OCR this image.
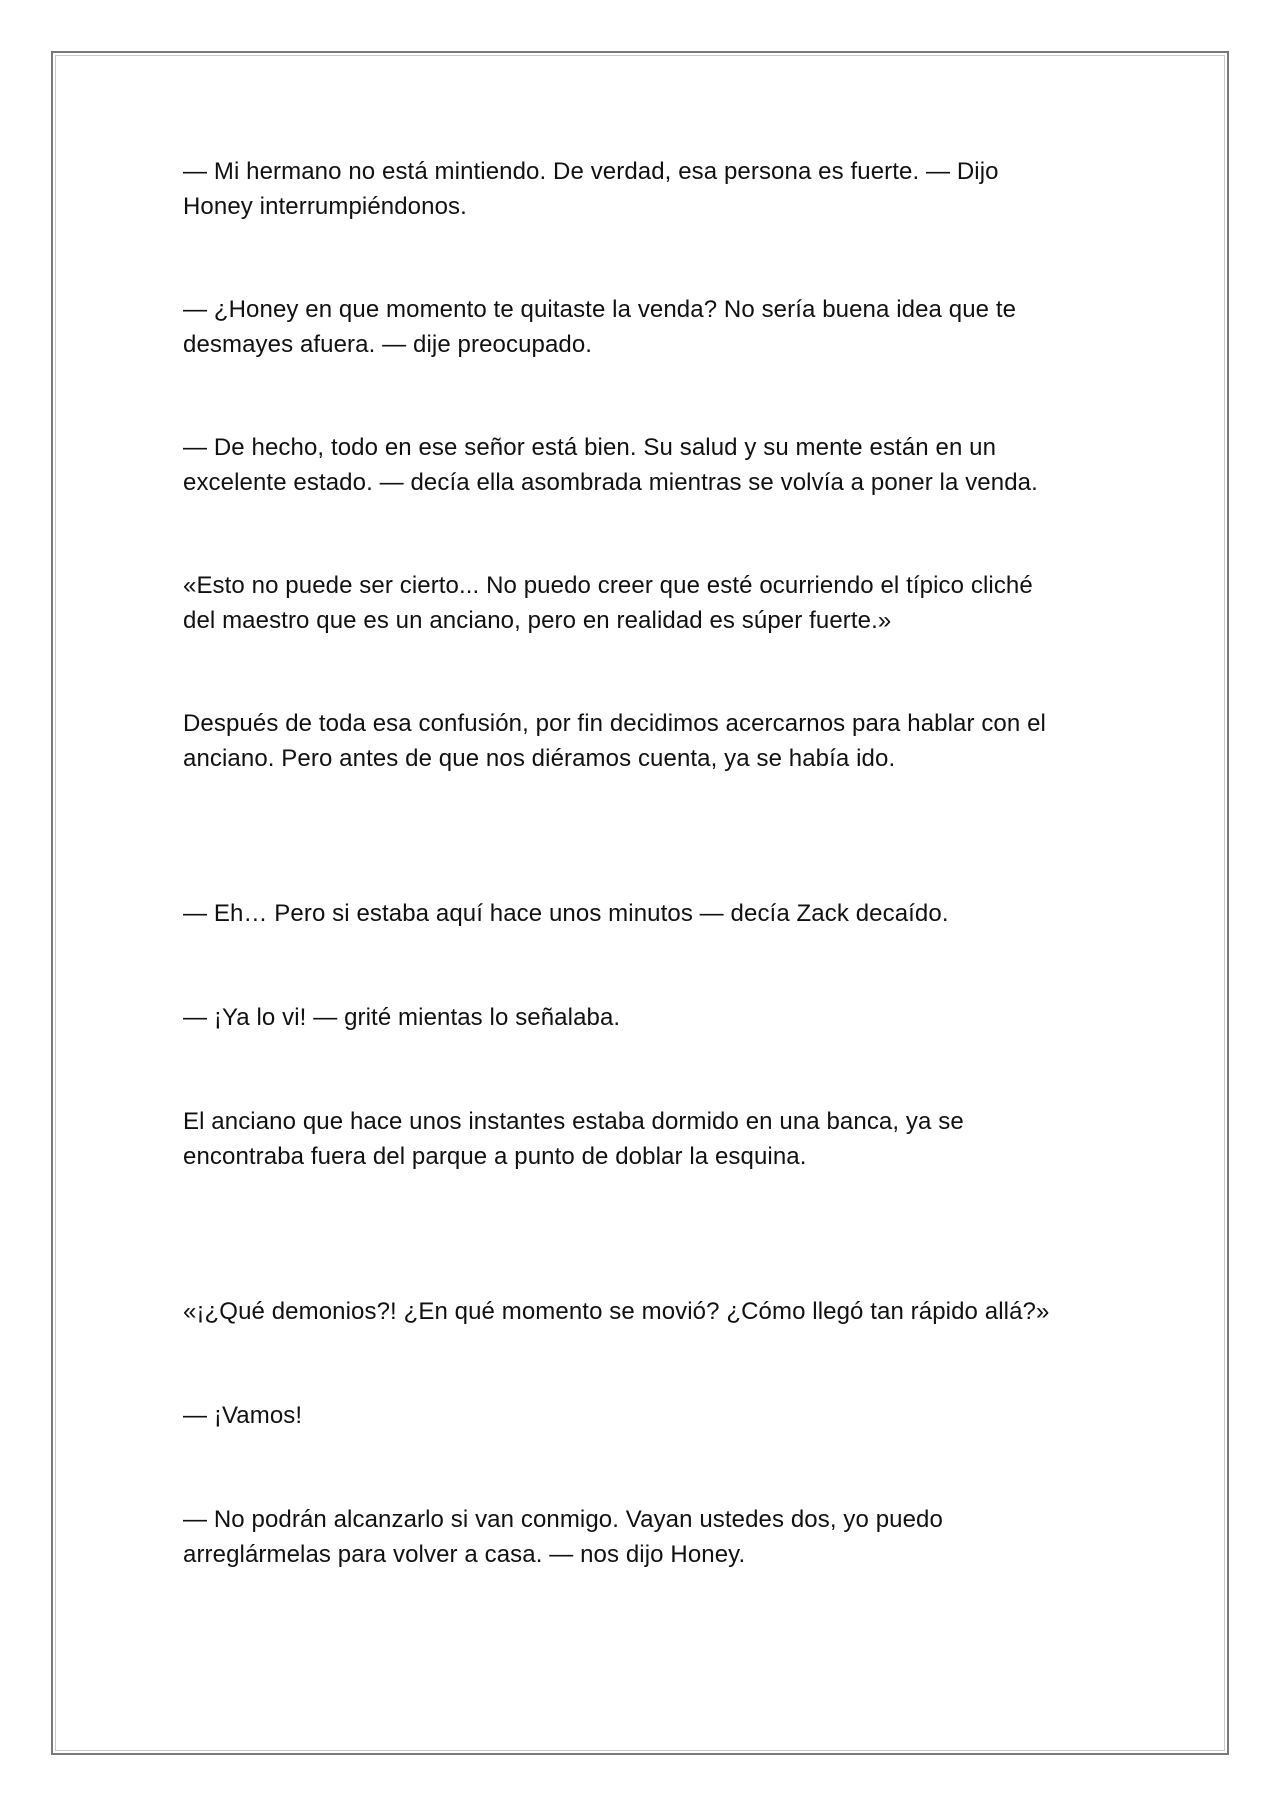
— Mi hermano no está mintiendo. De verdad, esa persona es fuerte. — Dijo
Honey interrumpiéndonos.

— ¿Honey en que momento te quitaste la venda? No sería buena idea que te
desmayes afuera. — dije preocupado.

— De hecho, todo en ese señor está bien. Su salud y su mente están en un
excelente estado. — decía ella asombrada mientras se volvía a poner la venda.

«Esto no puede ser cierto... No puedo creer que esté ocurriendo el típico cliché
del maestro que es un anciano, pero en realidad es súper fuerte.»

Después de toda esa confusión, por fin decidimos acercarnos para hablar con el
anciano. Pero antes de que nos diéramos cuenta, ya se había ido.

— Eh… Pero si estaba aquí hace unos minutos — decía Zack decaído.

— ¡Ya lo vi! — grité mientas lo señalaba.

El anciano que hace unos instantes estaba dormido en una banca, ya se
encontraba fuera del parque a punto de doblar la esquina.

«¡¿Qué demonios?! ¿En qué momento se movió? ¿Cómo llegó tan rápido allá?»

— ¡Vamos!

— No podrán alcanzarlo si van conmigo. Vayan ustedes dos, yo puedo
arreglármelas para volver a casa. — nos dijo Honey.
